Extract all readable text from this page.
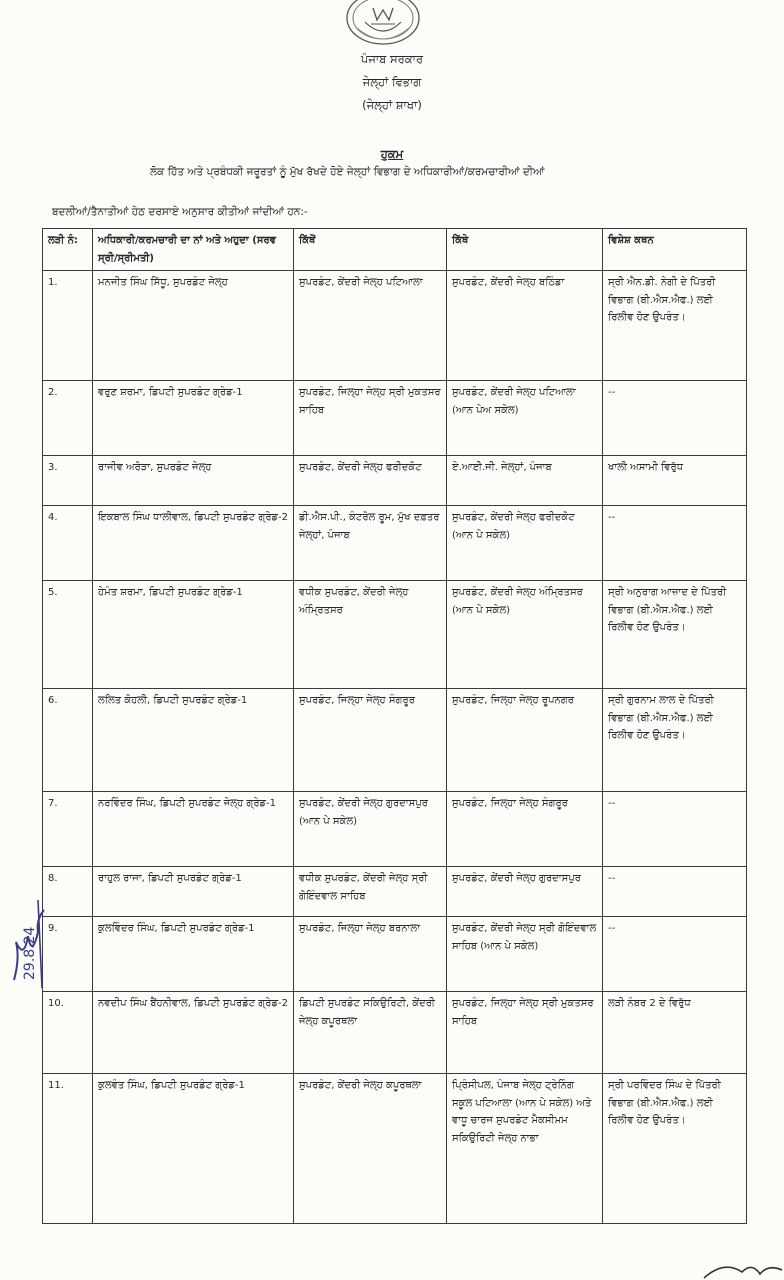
ਪੰਜਾਬ ਸਰਕਾਰ
ਜੇਲ੍ਹਾਂ ਵਿਭਾਗ
(ਜੇਲ੍ਹਾਂ ਸ਼ਾਖਾ)
ਹੁਕਮ
ਲੋਕ ਹਿੱਤ ਅਤੇ ਪ੍ਰਬੰਧਕੀ ਜਰੂਰਤਾਂ ਨੂੰ ਮੁੱਖ ਰੱਖਦੇ ਹੋਏ ਜੇਲ੍ਹਾਂ ਵਿਭਾਗ ਦੇ ਅਧਿਕਾਰੀਆਂ/ਕਰਮਚਾਰੀਆਂ ਦੀਆਂ
ਬਦਲੀਆਂ/ਤੈਨਾਤੀਆਂ ਹੇਠ ਦਰਸਾਏ ਅਨੁਸਾਰ ਕੀਤੀਆਂ ਜਾਂਦੀਆਂ ਹਨ:-
ਲੜੀ ਨੰ:	ਅਧਿਕਾਰੀ/ਕਰਮਚਾਰੀ ਦਾ ਨਾਂ ਅਤੇ ਅਹੁਦਾ (ਸਰਵ ਸ੍ਰੀ/ਸ੍ਰੀਮਤੀ)	ਕਿੱਥੋਂ	ਕਿੱਥੇ	ਵਿਸ਼ੇਸ਼ ਕਥਨ
1.	ਮਨਜੀਤ ਸਿੰਘ ਸਿੱਧੂ, ਸੁਪਰਡੰਟ ਜੇਲ੍ਹ	ਸੁਪਰਡੰਟ, ਕੇਂਦਰੀ ਜੇਲ੍ਹ ਪਟਿਆਲਾ	ਸੁਪਰਡੰਟ, ਕੇਂਦਰੀ ਜੇਲ੍ਹ ਬਠਿੰਡਾ	ਸ੍ਰੀ ਐਨ.ਡੀ. ਨੇਗੀ ਦੇ ਪਿੱਤਰੀ ਵਿਭਾਗ (ਬੀ.ਐਸ.ਐਫ.) ਲਈ ਰਿਲੀਵ ਹੋਣ ਉਪਰੰਤ।
2.	ਵਰੁਣ ਸ਼ਰਮਾ, ਡਿਪਟੀ ਸੁਪਰਡੰਟ ਗ੍ਰੇਡ-1	ਸੁਪਰਡੰਟ, ਜਿਲ੍ਹਾ ਜੇਲ੍ਹ ਸ੍ਰੀ ਮੁਕਤਸਰ ਸਾਹਿਬ	ਸੁਪਰਡੰਟ, ਕੇਂਦਰੀ ਜੇਲ੍ਹ ਪਟਿਆਲਾ (ਆਨ ਪੇਅ ਸਕੇਲ)	--
3.	ਰਾਜੀਵ ਅਰੋੜਾ, ਸੁਪਰਡੰਟ ਜੇਲ੍ਹ	ਸੁਪਰਡੰਟ, ਕੇਂਦਰੀ ਜੇਲ੍ਹ ਫਰੀਦਕੋਟ	ਏ.ਆਈ.ਜੀ. ਜੇਲ੍ਹਾਂ, ਪੰਜਾਬ	ਖਾਲੀ ਅਸਾਮੀ ਵਿਰੁੱਧ
4.	ਇਕਬਾਲ ਸਿੰਘ ਧਾਲੀਵਾਲ, ਡਿਪਟੀ ਸੁਪਰਡੰਟ ਗ੍ਰੇਡ-2	ਡੀ.ਐਸ.ਪੀ., ਕੰਟਰੋਲ ਰੂਮ, ਮੁੱਖ ਦਫ਼ਤਰ ਜੇਲ੍ਹਾਂ, ਪੰਜਾਬ	ਸੁਪਰਡੰਟ, ਕੇਂਦਰੀ ਜੇਲ੍ਹ ਫਰੀਦਕੋਟ (ਆਨ ਪੇ ਸਕੇਲ)	--
5.	ਹੇਮੰਤ ਸ਼ਰਮਾ, ਡਿਪਟੀ ਸੁਪਰਡੰਟ ਗ੍ਰੇਡ-1	ਵਧੀਕ ਸੁਪਰਡੰਟ, ਕੇਂਦਰੀ ਜੇਲ੍ਹ ਅੰਮ੍ਰਿਤਸਰ	ਸੁਪਰਡੰਟ, ਕੇਂਦਰੀ ਜੇਲ੍ਹ ਅੰਮ੍ਰਿਤਸਰ (ਆਨ ਪੇ ਸਕੇਲ)	ਸ੍ਰੀ ਅਨੁਰਾਗ ਆਜ਼ਾਦ ਦੇ ਪਿੱਤਰੀ ਵਿਭਾਗ (ਬੀ.ਐਸ.ਐਫ.) ਲਈ ਰਿਲੀਵ ਹੋਣ ਉਪਰੰਤ।
6.	ਲਲਿਤ ਕੋਹਲੀ, ਡਿਪਟੀ ਸੁਪਰਡੰਟ ਗ੍ਰੇਡ-1	ਸੁਪਰਡੰਟ, ਜਿਲ੍ਹਾ ਜੇਲ੍ਹ ਸੰਗਰੂਰ	ਸੁਪਰਡੰਟ, ਜਿਲ੍ਹਾ ਜੇਲ੍ਹ ਰੂਪਨਗਰ	ਸ੍ਰੀ ਗੁਰਨਾਮ ਲਾਲ ਦੇ ਪਿੱਤਰੀ ਵਿਭਾਗ (ਬੀ.ਐਸ.ਐਫ.) ਲਈ ਰਿਲੀਵ ਹੋਣ ਉਪਰੰਤ।
7.	ਨਰਵਿੰਦਰ ਸਿੰਘ, ਡਿਪਟੀ ਸੁਪਰਡੰਟ ਜੇਲ੍ਹ ਗ੍ਰੇਡ-1	ਸੁਪਰਡੰਟ, ਕੇਂਦਰੀ ਜੇਲ੍ਹ ਗੁਰਦਾਸਪੁਰ (ਆਨ ਪੇ ਸਕੇਲ)	ਸੁਪਰਡੰਟ, ਜਿਲ੍ਹਾ ਜੇਲ੍ਹ ਸੰਗਰੂਰ	--
8.	ਰਾਹੁਲ ਰਾਜਾ, ਡਿਪਟੀ ਸੁਪਰਡੰਟ ਗ੍ਰੇਡ-1	ਵਧੀਕ ਸੁਪਰਡੰਟ, ਕੇਂਦਰੀ ਜੇਲ੍ਹ ਸ੍ਰੀ ਗੋਇੰਦਵਾਲ ਸਾਹਿਬ	ਸੁਪਰਡੰਟ, ਕੇਂਦਰੀ ਜੇਲ੍ਹ ਗੁਰਦਾਸਪੁਰ	--
9.	ਕੁਲਵਿੰਦਰ ਸਿੰਘ, ਡਿਪਟੀ ਸੁਪਰਡੰਟ ਗ੍ਰੇਡ-1	ਸੁਪਰਡੰਟ, ਜਿਲ੍ਹਾ ਜੇਲ੍ਹ ਬਰਨਾਲਾ	ਸੁਪਰਡੰਟ, ਕੇਂਦਰੀ ਜੇਲ੍ਹ ਸ੍ਰੀ ਗੋਇੰਦਵਾਲ ਸਾਹਿਬ (ਆਨ ਪੇ ਸਕੇਲ)	--
10.	ਨਵਦੀਪ ਸਿੰਘ ਬੈਂਹਨੀਵਾਲ, ਡਿਪਟੀ ਸੁਪਰਡੰਟ ਗ੍ਰੇਡ-2	ਡਿਪਟੀ ਸੁਪਰਡੰਟ ਸਕਿਉਰਿਟੀ, ਕੇਂਦਰੀ ਜੇਲ੍ਹ ਕਪੂਰਥਲਾ	ਸੁਪਰਡੰਟ, ਜਿਲ੍ਹਾ ਜੇਲ੍ਹ ਸ੍ਰੀ ਮੁਕਤਸਰ ਸਾਹਿਬ	ਲੜੀ ਨੰਬਰ 2 ਦੇ ਵਿਰੁੱਧ
11.	ਕੁਲਵੰਤ ਸਿੰਘ, ਡਿਪਟੀ ਸੁਪਰਡੰਟ ਗ੍ਰੇਡ-1	ਸੁਪਰਡੰਟ, ਕੇਂਦਰੀ ਜੇਲ੍ਹ ਕਪੂਰਥਲਾ	ਪ੍ਰਿੰਸੀਪਲ, ਪੰਜਾਬ ਜੇਲ੍ਹ ਟ੍ਰੇਨਿੰਗ ਸਕੂਲ ਪਟਿਆਲਾ (ਆਨ ਪੇ ਸਕੇਲ) ਅਤੇ ਵਾਧੂ ਚਾਰਜ ਸੁਪਰਡੰਟ ਮੈਕਸੀਮਮ ਸਕਿਉਰਿਟੀ ਜੇਲ੍ਹ ਨਾਭਾ	ਸ੍ਰੀ ਪਰਵਿੰਦਰ ਸਿੰਘ ਦੇ ਪਿੱਤਰੀ ਵਿਭਾਗ (ਬੀ.ਐਸ.ਐਫ.) ਲਈ ਰਿਲੀਵ ਹੋਣ ਉਪਰੰਤ।
29.8.24
